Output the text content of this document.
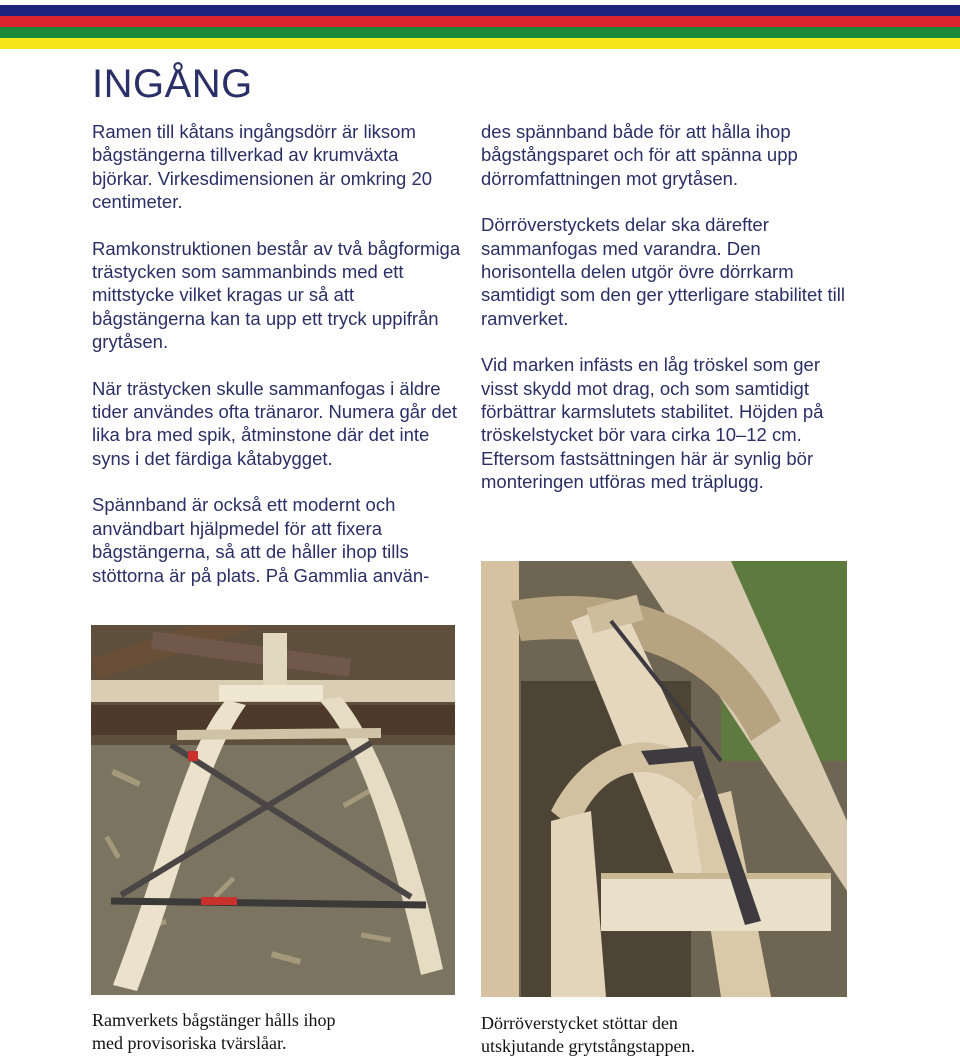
INGÅNG

Ramen till kåtans ingångsdörr är liksom bågstängerna tillverkad av krumväxta björkar. Virkesdimensionen är omkring 20 centimeter.

Ramkonstruktionen består av två bågformiga trästycken som sammanbinds med ett mittstycke vilket kragas ur så att bågstängerna kan ta upp ett tryck uppifrån grytåsen.

När trästycken skulle sammanfogas i äldre tider användes ofta tränaror. Numera går det lika bra med spik, åtminstone där det inte syns i det färdiga kåtabygget.

Spännband är också ett modernt och användbart hjälpmedel för att fixera bågstängerna, så att de håller ihop tills stöttorna är på plats. På Gammlia använ-

des spännband både för att hålla ihop bågstångsparet och för att spänna upp dörromfattningen mot grytåsen.

Dörröverstyckets delar ska därefter sammanfogas med varandra. Den horisontella delen utgör övre dörrkarm samtidigt som den ger ytterligare stabilitet till ramverket.

Vid marken infästs en låg tröskel som ger visst skydd mot drag, och som samtidigt förbättrar karmslutets stabilitet. Höjden på tröskelstycket bör vara cirka 10–12 cm. Eftersom fastsättningen här är synlig bör monteringen utföras med träplugg.

Ramverkets bågstänger hålls ihop
med provisoriska tvärslåar.

Dörröverstycket stöttar den
utskjutande grytstångstappen.
